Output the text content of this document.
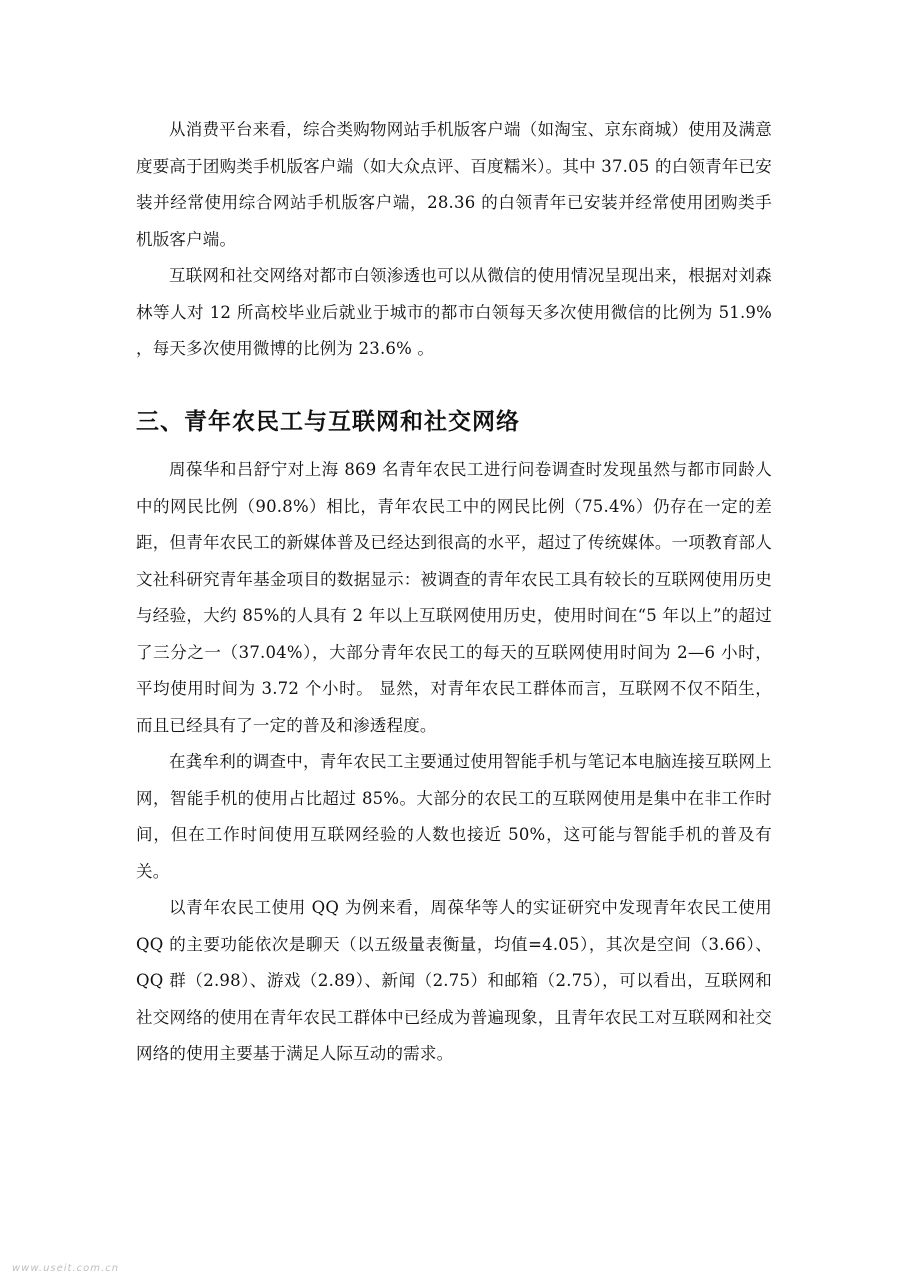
从消费平台来看，综合类购物网站手机版客户端（如淘宝、京东商城）使用及满意度要高于团购类手机版客户端（如大众点评、百度糯米）。其中 37.05 的白领青年已安装并经常使用综合网站手机版客户端，28.36 的白领青年已安装并经常使用团购类手机版客户端。

互联网和社交网络对都市白领渗透也可以从微信的使用情况呈现出来，根据对刘森林等人对 12 所高校毕业后就业于城市的都市白领每天多次使用微信的比例为 51.9% ，每天多次使用微博的比例为 23.6% 。

三、青年农民工与互联网和社交网络

周葆华和吕舒宁对上海 869 名青年农民工进行问卷调查时发现虽然与都市同龄人中的网民比例（90.8%）相比，青年农民工中的网民比例（75.4%）仍存在一定的差距，但青年农民工的新媒体普及已经达到很高的水平，超过了传统媒体。一项教育部人文社科研究青年基金项目的数据显示：被调查的青年农民工具有较长的互联网使用历史与经验，大约 85%的人具有 2 年以上互联网使用历史，使用时间在“5 年以上”的超过了三分之一（37.04%），大部分青年农民工的每天的互联网使用时间为 2—6 小时，平均使用时间为 3.72 个小时。 显然，对青年农民工群体而言，互联网不仅不陌生，而且已经具有了一定的普及和渗透程度。

在龚牟利的调查中，青年农民工主要通过使用智能手机与笔记本电脑连接互联网上网，智能手机的使用占比超过 85%。大部分的农民工的互联网使用是集中在非工作时间，但在工作时间使用互联网经验的人数也接近 50%，这可能与智能手机的普及有关。

以青年农民工使用 QQ 为例来看，周葆华等人的实证研究中发现青年农民工使用 QQ 的主要功能依次是聊天（以五级量表衡量，均值=4.05），其次是空间（3.66）、QQ 群（2.98）、游戏（2.89）、新闻（2.75）和邮箱（2.75），可以看出，互联网和社交网络的使用在青年农民工群体中已经成为普遍现象，且青年农民工对互联网和社交网络的使用主要基于满足人际互动的需求。

www.useit.com.cn
